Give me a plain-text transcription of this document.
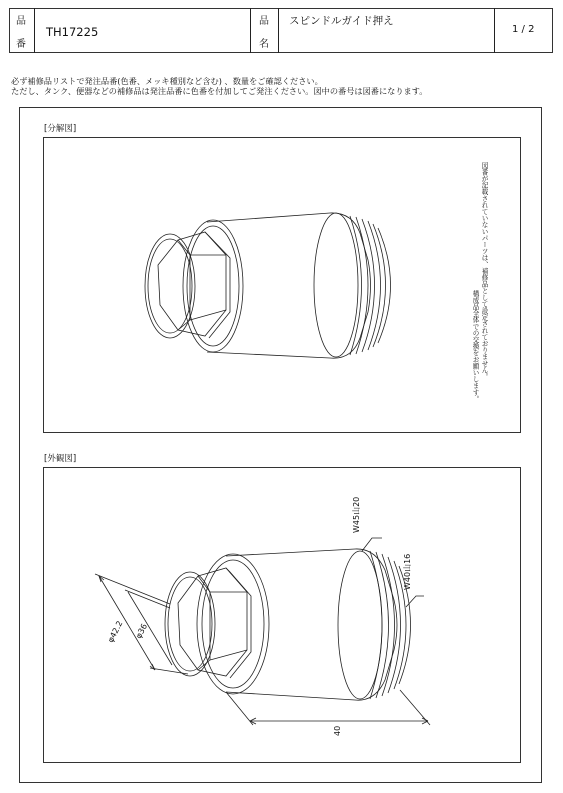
品
番
TH17225
品
名
スピンドルガイド押え
1 / 2
必ず補修品リストで発注品番(色番、メッキ種別など含む) 、数量をご確認ください。
ただし、タンク、便器などの補修品は発注品番に色番を付加してご発注ください。図中の番号は図番になります。
[分解図]
図番が記載されていないパーツは、補修品として設定されておりません。
構成品全体での交換をお願いします。
[外観図]
W45山20
W40山16
φ42.2 φ36
40
